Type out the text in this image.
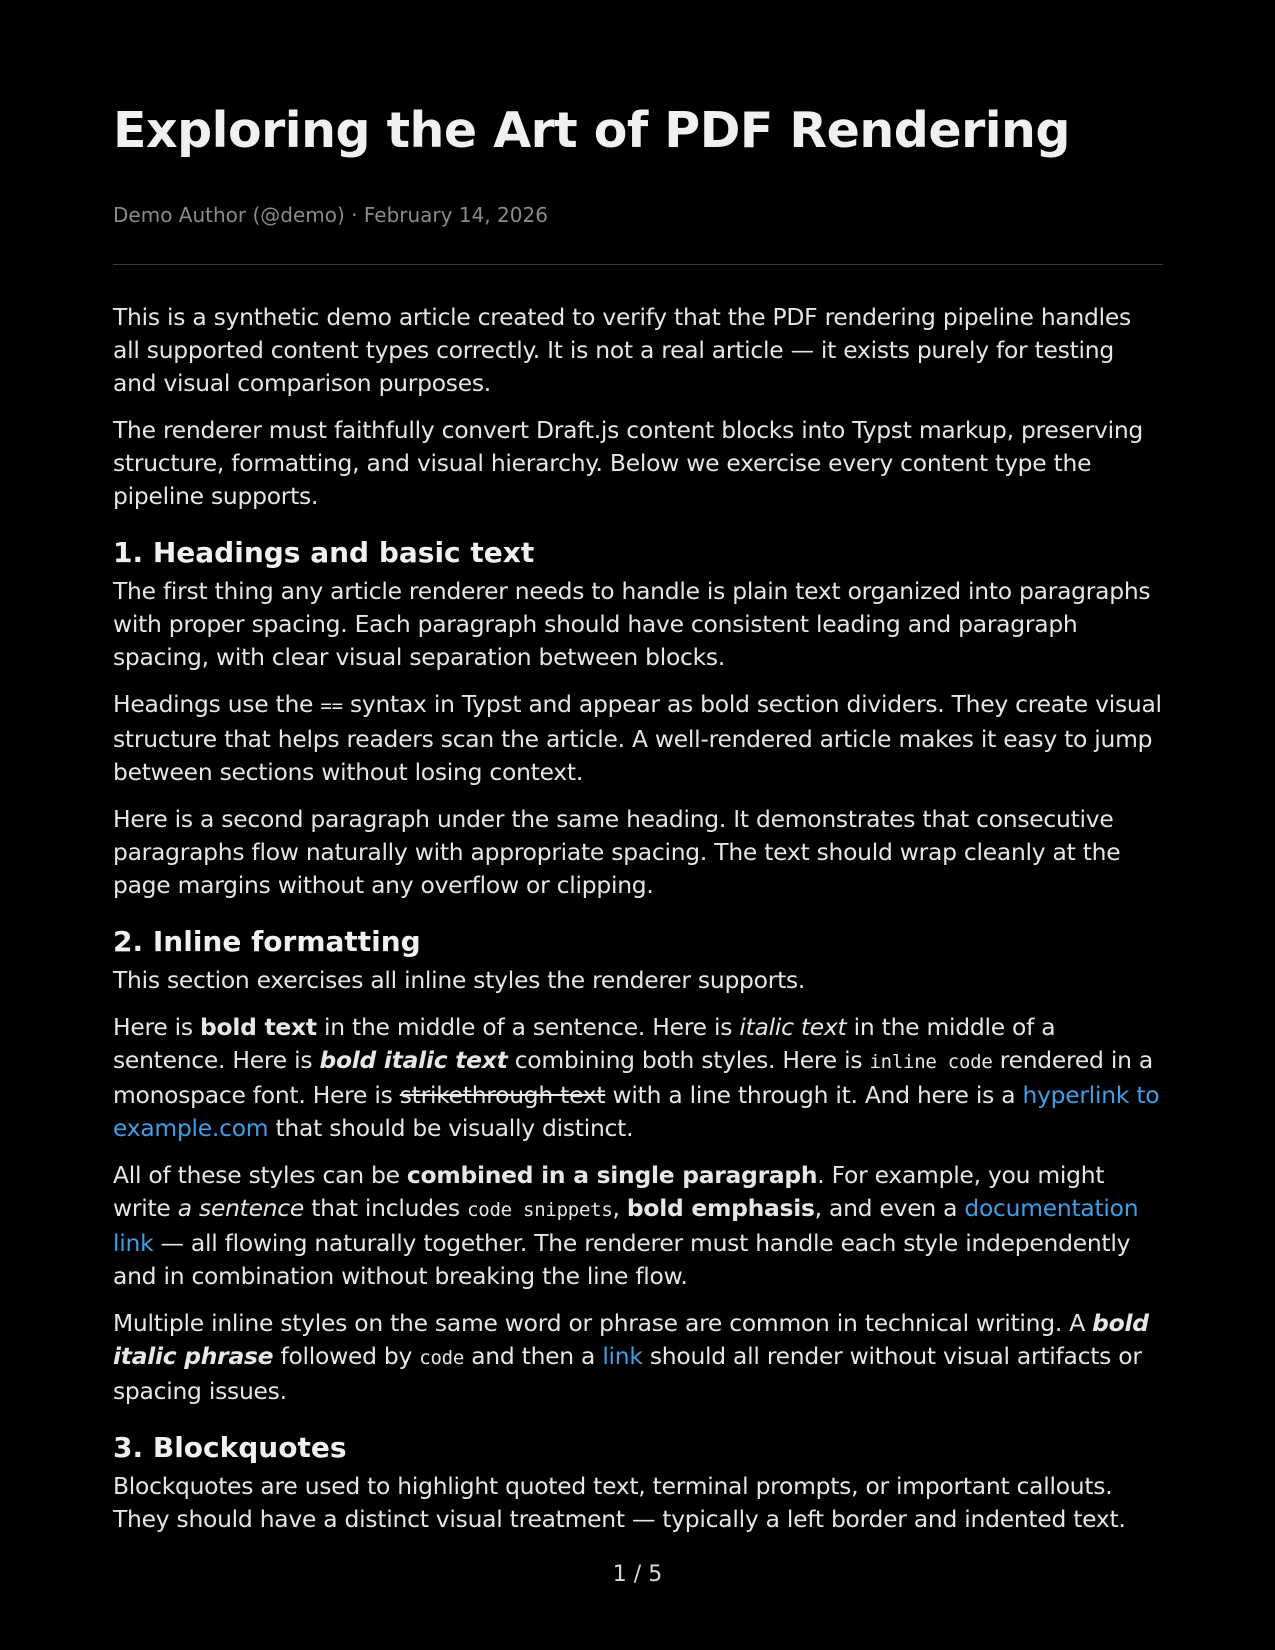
Exploring the Art of PDF Rendering
Demo Author (@demo) · February 14, 2026

This is a synthetic demo article created to verify that the PDF rendering pipeline handles all supported content types correctly. It is not a real article — it exists purely for testing and visual comparison purposes.

The renderer must faithfully convert Draft.js content blocks into Typst markup, preserving structure, formatting, and visual hierarchy. Below we exercise every content type the pipeline supports.

1. Headings and basic text

The first thing any article renderer needs to handle is plain text organized into paragraphs with proper spacing. Each paragraph should have consistent leading and paragraph spacing, with clear visual separation between blocks.

Headings use the == syntax in Typst and appear as bold section dividers. They create visual structure that helps readers scan the article. A well-rendered article makes it easy to jump between sections without losing context.

Here is a second paragraph under the same heading. It demonstrates that consecutive paragraphs flow naturally with appropriate spacing. The text should wrap cleanly at the page margins without any overflow or clipping.

2. Inline formatting

This section exercises all inline styles the renderer supports.

Here is bold text in the middle of a sentence. Here is italic text in the middle of a sentence. Here is bold italic text combining both styles. Here is inline code rendered in a monospace font. Here is strikethrough text with a line through it. And here is a hyperlink to example.com that should be visually distinct.

All of these styles can be combined in a single paragraph. For example, you might write a sentence that includes code snippets, bold emphasis, and even a documentation link — all flowing naturally together. The renderer must handle each style independently and in combination without breaking the line flow.

Multiple inline styles on the same word or phrase are common in technical writing. A bold italic phrase followed by code and then a link should all render without visual artifacts or spacing issues.

3. Blockquotes

Blockquotes are used to highlight quoted text, terminal prompts, or important callouts. They should have a distinct visual treatment — typically a left border and indented text.

1 / 5
